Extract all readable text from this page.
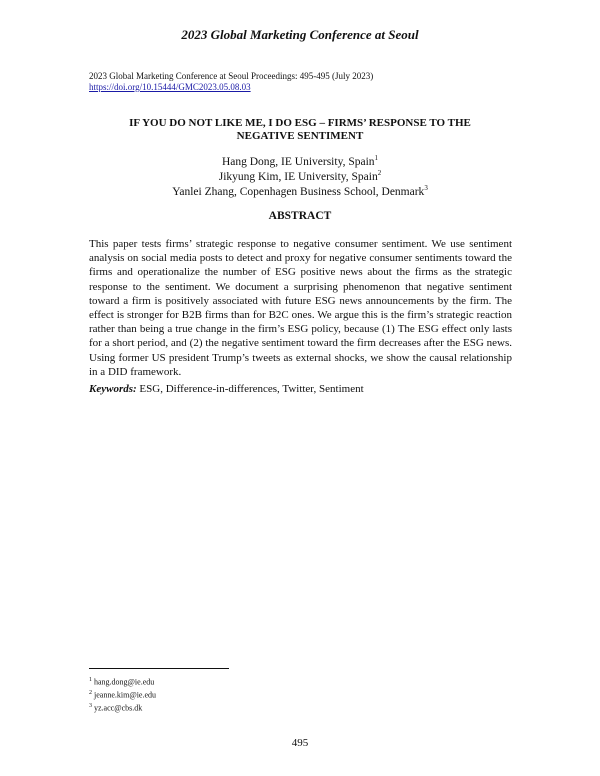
2023 Global Marketing Conference at Seoul
2023 Global Marketing Conference at Seoul Proceedings: 495-495 (July 2023)
https://doi.org/10.15444/GMC2023.05.08.03
IF YOU DO NOT LIKE ME, I DO ESG – FIRMS’ RESPONSE TO THE
NEGATIVE SENTIMENT
Hang Dong, IE University, Spain$^1$
Jikyung Kim, IE University, Spain$^2$
Yanlei Zhang, Copenhagen Business School, Denmark$^3$
ABSTRACT

This paper tests firms’ strategic response to negative consumer sentiment. We use sentiment analysis on social media posts to detect and proxy for negative consumer sentiments toward the firms and operationalize the number of ESG positive news about the firms as the strategic response to the sentiment. We document a surprising phenomenon that negative sentiment toward a firm is positively associated with future ESG news announcements by the firm. The effect is stronger for B2B firms than for B2C ones. We argue this is the firm’s strategic reaction rather than being a true change in the firm’s ESG policy, because (1) The ESG effect only lasts for a short period, and (2) the negative sentiment toward the firm decreases after the ESG news. Using former US president Trump’s tweets as external shocks, we show the causal relationship in a DID framework.

Keywords: ESG, Difference-in-differences, Twitter, Sentiment
$^1$ hang.dong@ie.edu
$^2$ jeanne.kim@ie.edu
$^3$ yz.acc@cbs.dk
495
